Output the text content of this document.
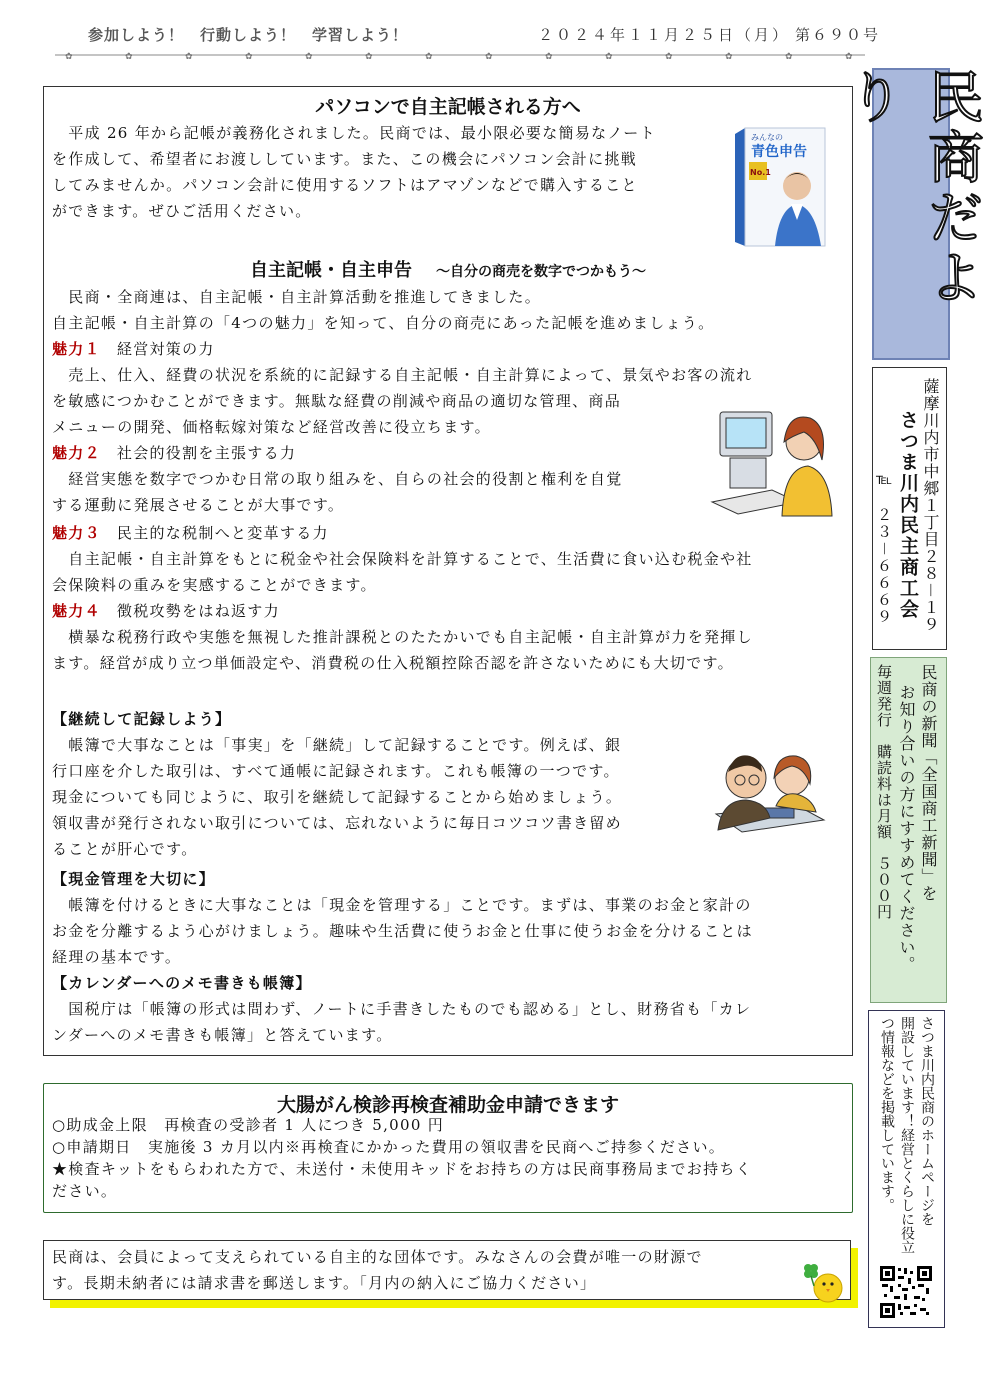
参加しよう！　行動しよう！　学習しよう！	２０２４年１１月２５日（月） 第６９０号
✿	✿	✿	✿	✿	✿	✿	✿	✿	✿	✿	✿	✿	✿
パソコンで自主記帳される方へ
　平成 26 年から記帳が義務化されました。民商では、最小限必要な簡易なノート
を作成して、希望者にお渡ししています。また、この機会にパソコン会計に挑戦
してみませんか。パソコン会計に使用するソフトはアマゾンなどで購入すること
ができます。ぜひご活用ください。
みんなの
青色申告
No.1
自主記帳・自主申告 ～自分の商売を数字でつかもう～
　民商・全商連は、自主記帳・自主計算活動を推進してきました。
自主記帳・自主計算の「4つの魅力」を知って、自分の商売にあった記帳を進めましょう。
魅力１ 経営対策の力
　売上、仕入、経費の状況を系統的に記録する自主記帳・自主計算によって、景気やお客の流れ
を敏感につかむことができます。無駄な経費の削減や商品の適切な管理、商品
メニューの開発、価格転嫁対策など経営改善に役立ちます。
魅力２ 社会的役割を主張する力
　経営実態を数字でつかむ日常の取り組みを、自らの社会的役割と権利を自覚
する運動に発展させることが大事です。
魅力３ 民主的な税制へと変革する力
　自主記帳・自主計算をもとに税金や社会保険料を計算することで、生活費に食い込む税金や社
会保険料の重みを実感することができます。
魅力４ 徴税攻勢をはね返す力
　横暴な税務行政や実態を無視した推計課税とのたたかいでも自主記帳・自主計算が力を発揮し
ます。経営が成り立つ単価設定や、消費税の仕入税額控除否認を許さないためにも大切です。
【継続して記録しよう】
　帳簿で大事なことは「事実」を「継続」して記録することです。例えば、銀
行口座を介した取引は、すべて通帳に記録されます。これも帳簿の一つです。
現金についても同じように、取引を継続して記録することから始めましょう。
領収書が発行されない取引については、忘れないように毎日コツコツ書き留め
ることが肝心です。
【現金管理を大切に】
　帳簿を付けるときに大事なことは「現金を管理する」ことです。まずは、事業のお金と家計の
お金を分離するよう心がけましょう。趣味や生活費に使うお金と仕事に使うお金を分けることは
経理の基本です。
【カレンダーへのメモ書きも帳簿】
　国税庁は「帳簿の形式は問わず、ノートに手書きしたものでも認める」とし、財務省も「カレ
ンダーへのメモ書きも帳簿」と答えています。
大腸がん検診再検査補助金申請できます
○助成金上限　再検査の受診者 1 人につき 5,000 円
○申請期日　実施後 3 カ月以内※再検査にかかった費用の領収書を民商へご持参ください。
★検査キットをもらわれた方で、未送付・未使用キッドをお持ちの方は民商事務局までお持ちく
ださい。
民商は、会員によって支えられている自主的な団体です。みなさんの会費が唯一の財源で
す。長期未納者には請求書を郵送します。「月内の納入にご協力ください」
民商だより
薩摩川内市中郷１丁目２８－１９
さつま川内民主商工会
℡　２３－６６６９
民商の新聞「全国商工新聞」を
お知り合いの方にすすめてください。
毎週発行　購読料は月額　５００円
さつま川内民商のホームページを
開設しています！経営とくらしに役立
つ情報などを掲載しています。
